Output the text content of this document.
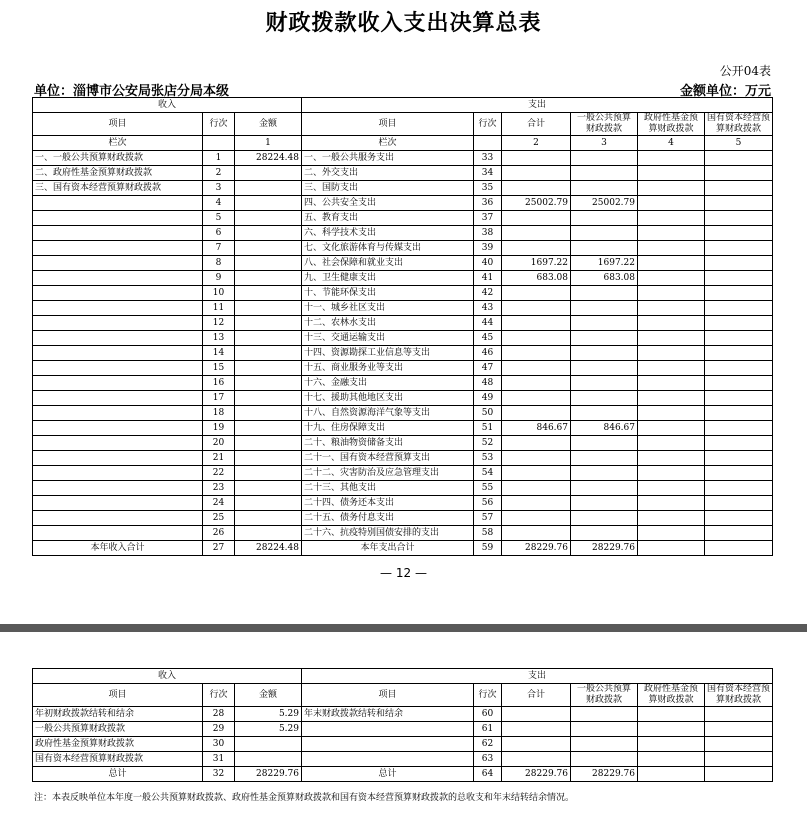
财政拨款收入支出决算总表
公开04表
单位：淄博市公安局张店分局本级	金额单位：万元
收入			支出					
项目	行次	金额	项目	行次	合计	一般公共预算财政拨款	政府性基金预算财政拨款	国有资本经营预算财政拨款
栏次		1	栏次		2	3	4	5
一、一般公共预算财政拨款	1	28224.48	一、一般公共服务支出	33				
二、政府性基金预算财政拨款	2		二、外交支出	34				
三、国有资本经营预算财政拨款	3		三、国防支出	35				
	4		四、公共安全支出	36	25002.79	25002.79		
	5		五、教育支出	37				
	6		六、科学技术支出	38				
	7		七、文化旅游体育与传媒支出	39				
	8		八、社会保障和就业支出	40	1697.22	1697.22		
	9		九、卫生健康支出	41	683.08	683.08		
	10		十、节能环保支出	42				
	11		十一、城乡社区支出	43				
	12		十二、农林水支出	44				
	13		十三、交通运输支出	45				
	14		十四、资源勘探工业信息等支出	46				
	15		十五、商业服务业等支出	47				
	16		十六、金融支出	48				
	17		十七、援助其他地区支出	49				
	18		十八、自然资源海洋气象等支出	50				
	19		十九、住房保障支出	51	846.67	846.67		
	20		二十、粮油物资储备支出	52				
	21		二十一、国有资本经营预算支出	53				
	22		二十二、灾害防治及应急管理支出	54				
	23		二十三、其他支出	55				
	24		二十四、债务还本支出	56				
	25		二十五、债务付息支出	57				
	26		二十六、抗疫特别国债安排的支出	58				
本年收入合计	27	28224.48	本年支出合计	59	28229.76	28229.76		
— 12 —
收入			支出					
项目	行次	金额	项目	行次	合计	一般公共预算财政拨款	政府性基金预算财政拨款	国有资本经营预算财政拨款
年初财政拨款结转和结余	28	5.29	年末财政拨款结转和结余	60				
一般公共预算财政拨款	29	5.29		61				
政府性基金预算财政拨款	30			62				
国有资本经营预算财政拨款	31			63				
总计	32	28229.76	总计	64	28229.76	28229.76		
注：本表反映单位本年度一般公共预算财政拨款、政府性基金预算财政拨款和国有资本经营预算财政拨款的总收支和年末结转结余情况。
